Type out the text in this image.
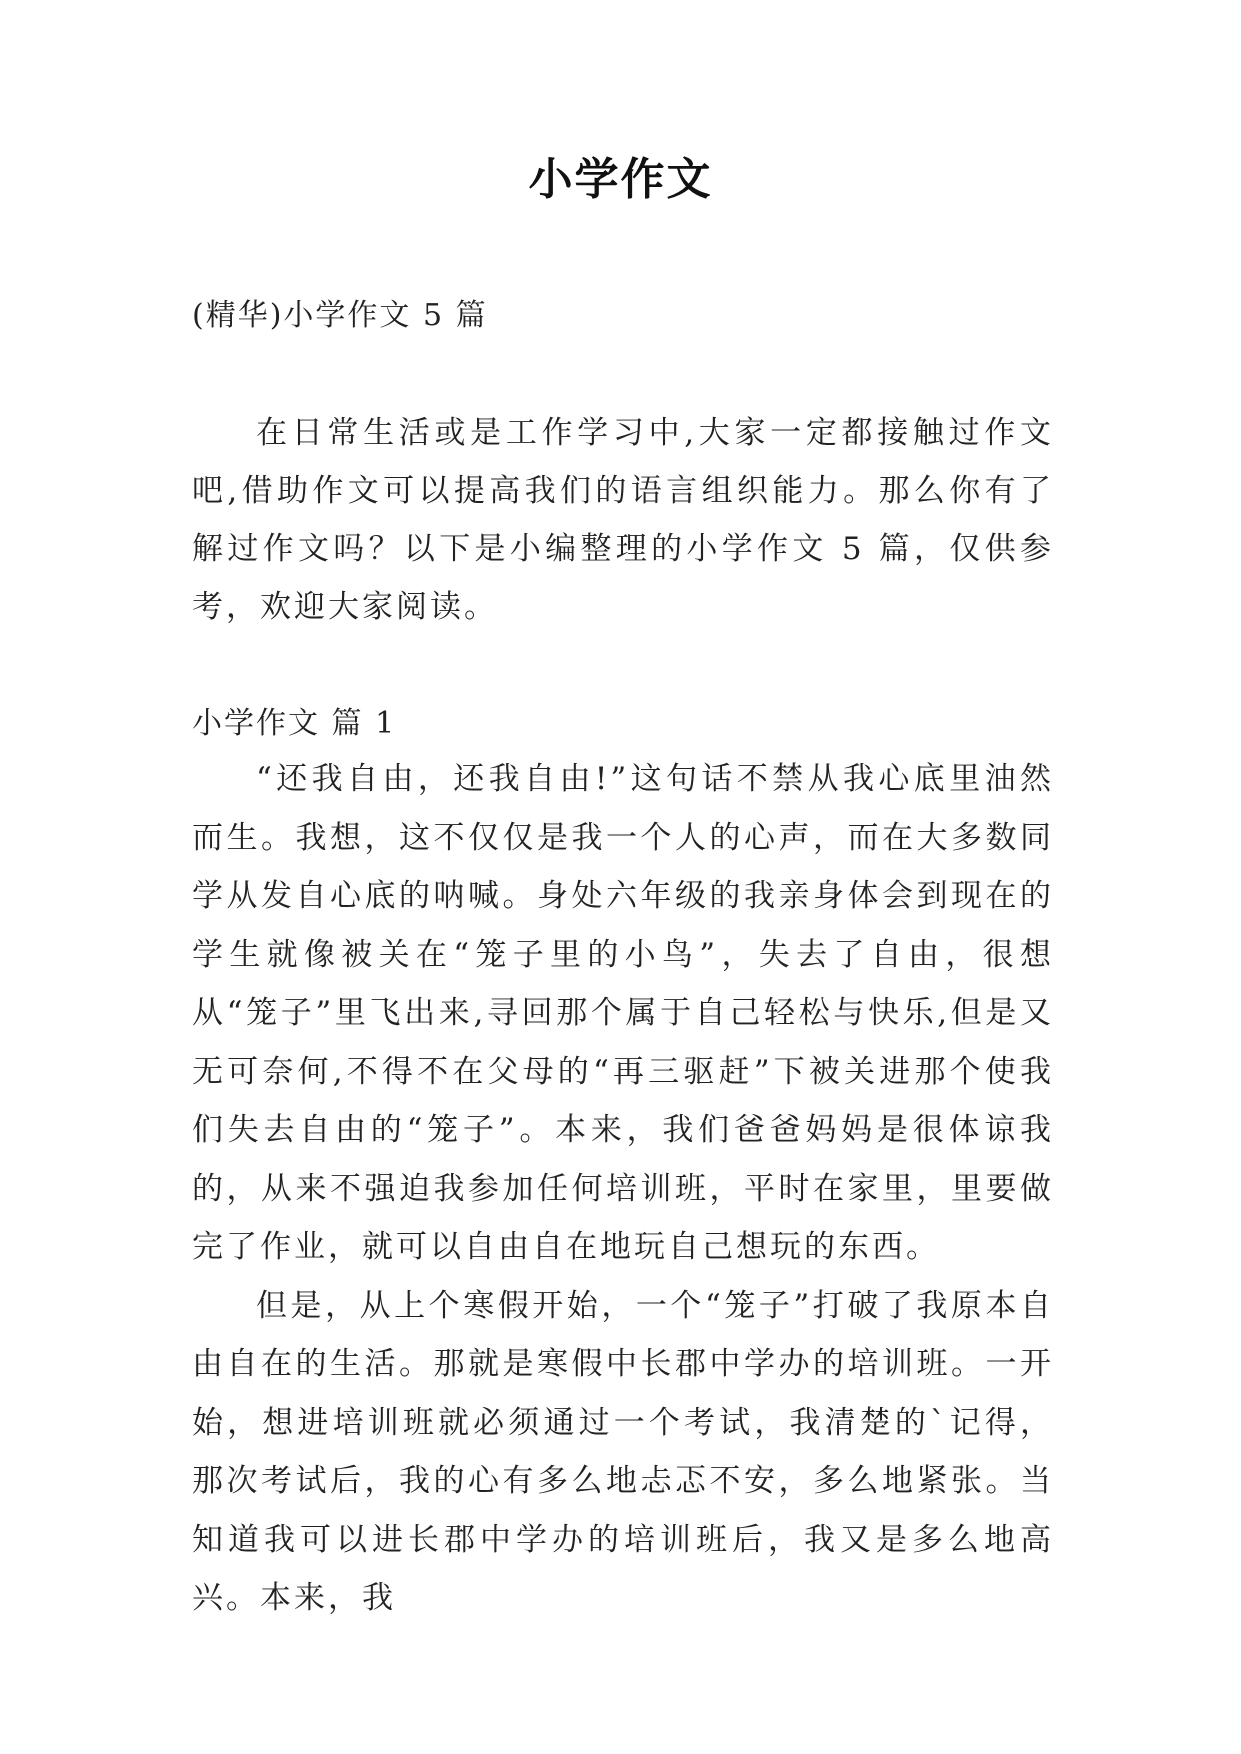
小学作文
(精华)小学作文 5 篇
在日常生活或是工作学习中,大家一定都接触过作文吧,借助作文可以提高我们的语言组织能力。那么你有了解过作文吗？以下是小编整理的小学作文 5 篇，仅供参考，欢迎大家阅读。
小学作文 篇 1

“还我自由，还我自由!”这句话不禁从我心底里油然而生。我想，这不仅仅是我一个人的心声，而在大多数同学从发自心底的呐喊。身处六年级的我亲身体会到现在的学生就像被关在“笼子里的小鸟”，失去了自由，很想从“笼子”里飞出来,寻回那个属于自己轻松与快乐,但是又无可奈何,不得不在父母的“再三驱赶”下被关进那个使我们失去自由的“笼子”。本来，我们爸爸妈妈是很体谅我的，从来不强迫我参加任何培训班，平时在家里，里要做完了作业，就可以自由自在地玩自己想玩的东西。

但是，从上个寒假开始，一个“笼子”打破了我原本自由自在的生活。那就是寒假中长郡中学办的培训班。一开始，想进培训班就必须通过一个考试，我清楚的`记得，那次考试后，我的心有多么地忐忑不安，多么地紧张。当知道我可以进长郡中学办的培训班后，我又是多么地高兴。本来，我
